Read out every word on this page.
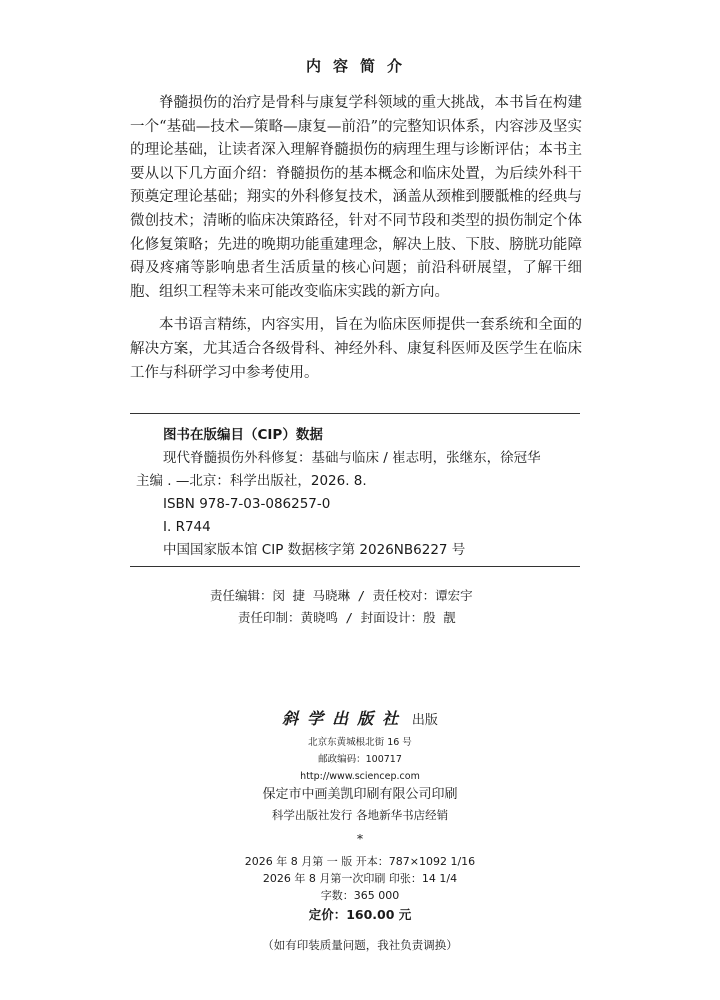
内容简介

脊髓损伤的治疗是骨科与康复学科领域的重大挑战，本书旨在构建一个“基础—技术—策略—康复—前沿”的完整知识体系，内容涉及坚实的理论基础，让读者深入理解脊髓损伤的病理生理与诊断评估；本书主要从以下几方面介绍：脊髓损伤的基本概念和临床处置，为后续外科干预奠定理论基础；翔实的外科修复技术，涵盖从颈椎到腰骶椎的经典与微创技术；清晰的临床决策路径，针对不同节段和类型的损伤制定个体化修复策略；先进的晚期功能重建理念，解决上肢、下肢、膀胱功能障碍及疼痛等影响患者生活质量的核心问题；前沿科研展望，了解干细胞、组织工程等未来可能改变临床实践的新方向。

本书语言精练，内容实用，旨在为临床医师提供一套系统和全面的解决方案，尤其适合各级骨科、神经外科、康复科医师及医学生在临床工作与科研学习中参考使用。

图书在版编目（CIP）数据
现代脊髓损伤外科修复：基础与临床 / 崔志明，张继东，徐冠华
主编 . —北京：科学出版社，2026. 8.
ISBN 978-7-03-086257-0
Ⅰ. R744
中国国家版本馆 CIP 数据核字第 2026NB6227 号
责任编辑：闵 捷 马晓琳 / 责任校对：谭宏宇
责任印制：黄晓鸣 / 封面设计：殷 靓
斜学出版社 出版
北京东黄城根北街 16 号
邮政编码：100717
http://www.sciencep.com
保定市中画美凯印刷有限公司印刷
科学出版社发行 各地新华书店经销
*
2026 年 8 月第 一 版 开本：787×1092 1/16
2026 年 8 月第一次印刷 印张：14 1/4
字数：365 000
定价：160.00 元
（如有印装质量问题，我社负责调换）
